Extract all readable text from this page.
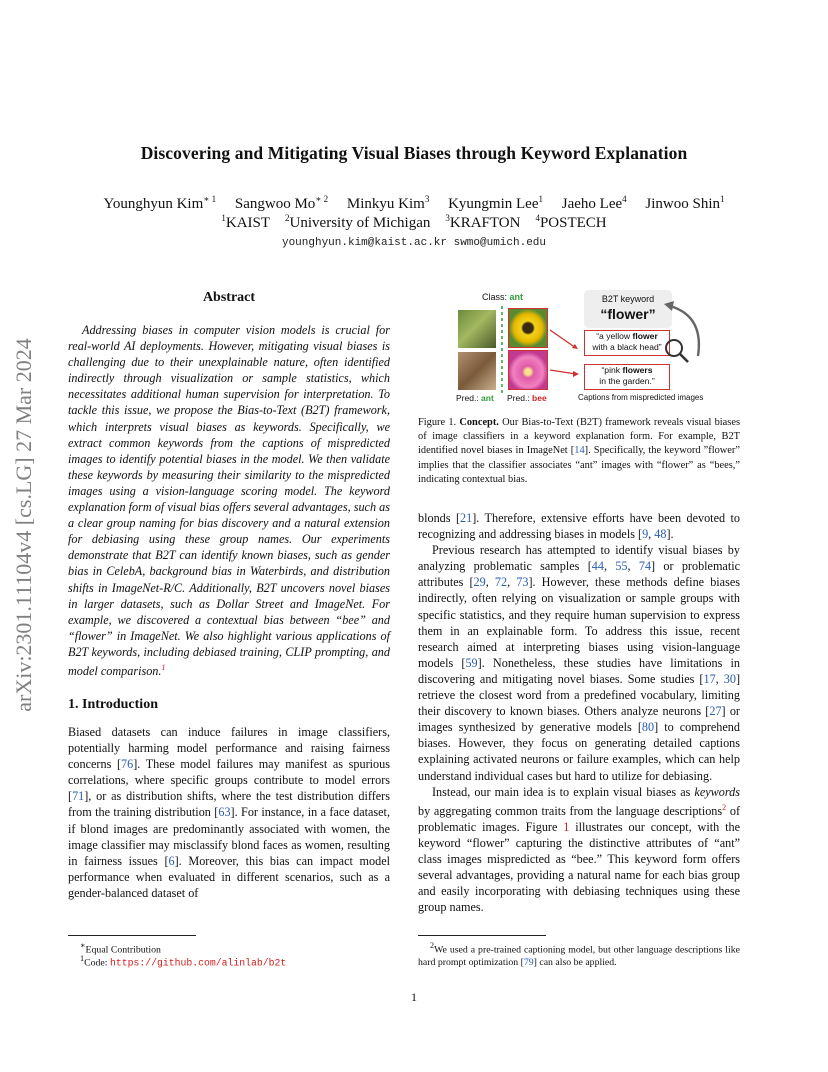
arXiv:2301.11104v4 [cs.LG] 27 Mar 2024
Discovering and Mitigating Visual Biases through Keyword Explanation
Younghyun Kim$^{∗ 1}$ Sangwoo $Mo^{∗ 2}$ Minkyu Kim$^3$ Kyungmin Lee$^1$ Jaeho Lee$^4$ Jinwoo Shin$^1$
$^1$KAIST $^2$University of Michigan $^3$KRAFTON $^4$POSTECH
younghyun.kim@kaist.ac.kr swmo@umich.edu
Abstract

Addressing biases in computer vision models is crucial for real-world AI deployments. However, mitigating visual biases is challenging due to their unexplainable nature, often identified indirectly through visualization or sample statistics, which necessitates additional human supervision for interpretation. To tackle this issue, we propose the Bias-to-Text (B2T) framework, which interprets visual biases as keywords. Specifically, we extract common keywords from the captions of mispredicted images to identify potential biases in the model. We then validate these keywords by measuring their similarity to the mispredicted images using a vision-language scoring model. The keyword explanation form of visual bias offers several advantages, such as a clear group naming for bias discovery and a natural extension for debiasing using these group names. Our experiments demonstrate that B2T can identify known biases, such as gender bias in CelebA, background bias in Waterbirds, and distribution shifts in ImageNet-R/C. Additionally, B2T uncovers novel biases in larger datasets, such as Dollar Street and ImageNet. For example, we discovered a contextual bias between “bee” and “flower” in ImageNet. We also highlight various applications of B2T keywords, including debiased training, CLIP prompting, and model comparison.$^1$

1. Introduction

Biased datasets can induce failures in image classifiers, potentially harming model performance and raising fairness concerns [76]. These model failures may manifest as spurious correlations, where specific groups contribute to model errors [71], or as distribution shifts, where the test distribution differs from the training distribution [63]. For instance, in a face dataset, if blond images are predominantly associated with women, the image classifier may misclassify blond faces as women, resulting in fairness issues [6]. Moreover, this bias can impact model performance when evaluated in different scenarios, such as a gender-balanced dataset of

∗Equal Contribution
$^1$Code: https://github.com/alinlab/b2t
Class: ant
Pred.: ant Pred.: bee
B2T keyword
“flower”
“a yellow flower
with a black head”
“pink flowers
in the garden.”
Captions from mispredicted images
Figure 1. Concept. Our Bias-to-Text (B2T) framework reveals visual biases of image classifiers in a keyword explanation form. For example, B2T identified novel biases in ImageNet [14]. Specifically, the keyword ”flower” implies that the classifier associates “ant” images with “flower” as “bees,” indicating contextual bias.

blonds [21]. Therefore, extensive efforts have been devoted to recognizing and addressing biases in models [9, 48].

Previous research has attempted to identify visual biases by analyzing problematic samples [44, 55, 74] or problematic attributes [29, 72, 73]. However, these methods define biases indirectly, often relying on visualization or sample groups with specific statistics, and they require human supervision to express them in an explainable form. To address this issue, recent research aimed at interpreting biases using vision-language models [59]. Nonetheless, these studies have limitations in discovering and mitigating novel biases. Some studies [17, 30] retrieve the closest word from a predefined vocabulary, limiting their discovery to known biases. Others analyze neurons [27] or images synthesized by generative models [80] to comprehend biases. However, they focus on generating detailed captions explaining activated neurons or failure examples, which can help understand individual cases but hard to utilize for debiasing.

Instead, our main idea is to explain visual biases as keywords by aggregating common traits from the language descriptions$^2$ of problematic images. Figure 1 illustrates our concept, with the keyword “flower” capturing the distinctive attributes of “ant” class images mispredicted as “bee.” This keyword form offers several advantages, providing a natural name for each bias group and easily incorporating with debiasing techniques using these group names.

$^2$We used a pre-trained captioning model, but other language descriptions like hard prompt optimization [79] can also be applied.
1
